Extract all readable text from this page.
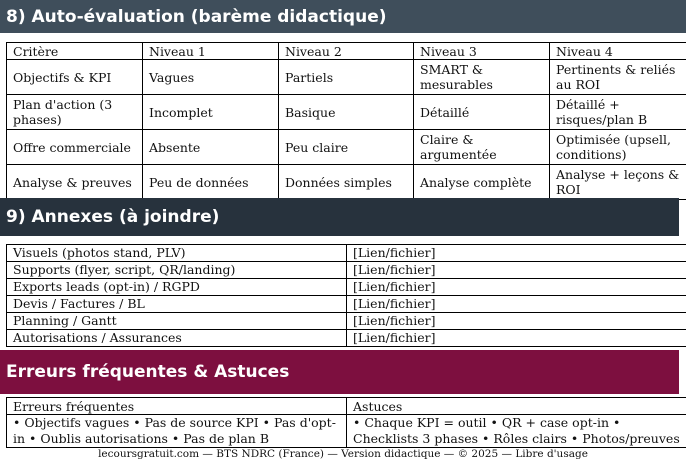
8) Auto-évaluation (barème didactique)
Critère	Niveau 1	Niveau 2	Niveau 3	Niveau 4
Objectifs & KPI	Vagues	Partiels	SMART & mesurables	Pertinents & reliés au ROI
Plan d'action (3 phases)	Incomplet	Basique	Détaillé	Détaillé + risques/plan B
Offre commerciale	Absente	Peu claire	Claire & argumentée	Optimisée (upsell, conditions)
Analyse & preuves	Peu de données	Données simples	Analyse complète	Analyse + leçons & ROI
9) Annexes (à joindre)
Visuels (photos stand, PLV)	[Lien/fichier]
Supports (flyer, script, QR/landing)	[Lien/fichier]
Exports leads (opt-in) / RGPD	[Lien/fichier]
Devis / Factures / BL	[Lien/fichier]
Planning / Gantt	[Lien/fichier]
Autorisations / Assurances	[Lien/fichier]
Erreurs fréquentes & Astuces
Erreurs fréquentes	Astuces
• Objectifs vagues • Pas de source KPI • Pas d'opt-in • Oublis autorisations • Pas de plan B	• Chaque KPI = outil • QR + case opt-in • Checklists 3 phases • Rôles clairs • Photos/preuves
lecoursgratuit.com — BTS NDRC (France) — Version didactique — © 2025 — Libre d'usage
